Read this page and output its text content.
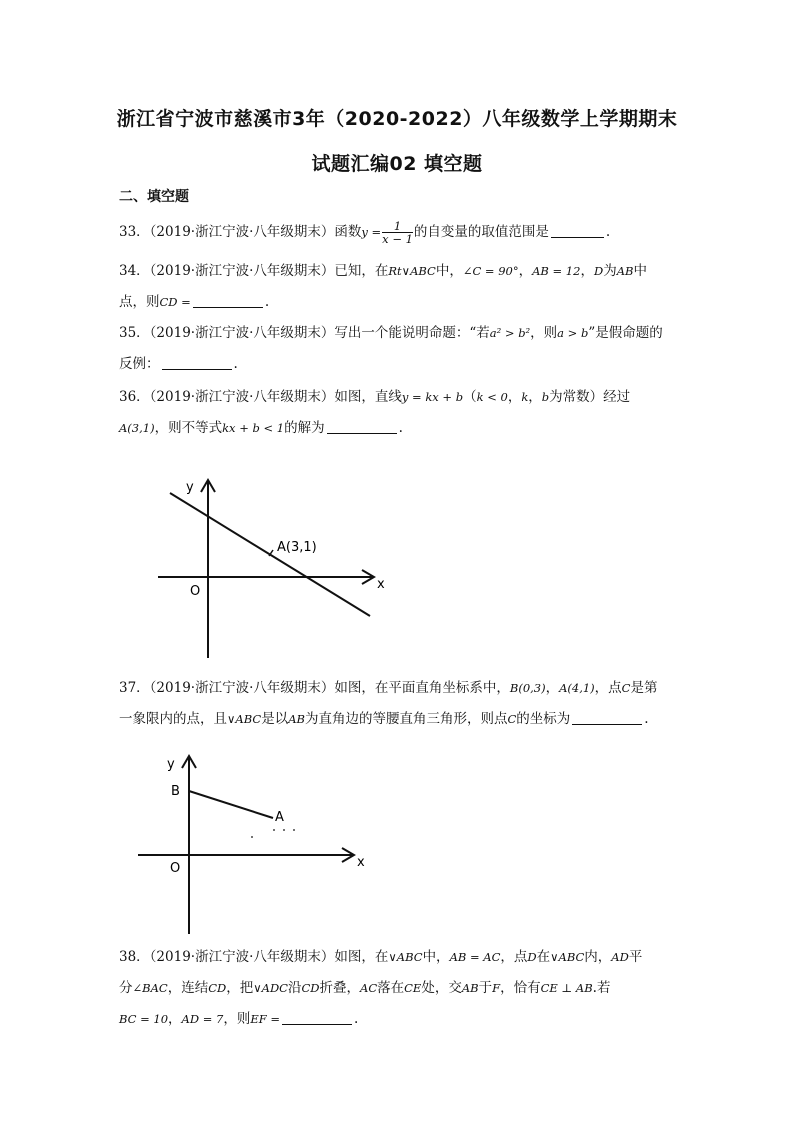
浙江省宁波市慈溪市3年（2020-2022）八年级数学上学期期末
试题汇编02 填空题
二、填空题
33．（2019·浙江宁波·八年级期末）函数$y = \frac{1}{x - 1}$ 的自变量的取值范围是	.
34．（2019·浙江宁波·八年级期末）已知，在Rt∨ABC中，∠C = 90°，AB = 12，D为AB中
点，则CD =	.
35．（2019·浙江宁波·八年级期末）写出一个能说明命题：“若a² > b²，则a > b”是假命题的
反例：	.
36．（2019·浙江宁波·八年级期末）如图，直线y = kx + b（k < 0，k，b为常数）经过
A(3,1)，则不等式kx + b < 1的解为	.
y
x
O
A(3,1)
37．（2019·浙江宁波·八年级期末）如图，在平面直角坐标系中，B(0,3)，A(4,1)，点C是第
一象限内的点，且∨ABC是以AB为直角边的等腰直角三角形，则点C的坐标为	.
y
x
O
B
A
38．（2019·浙江宁波·八年级期末）如图，在∨ABC中，AB = AC，点D在∨ABC内，AD平
分∠BAC，连结CD，把∨ADC沿CD折叠，AC落在CE处，交AB于F，恰有CE ⊥ AB.若
BC = 10，AD = 7，则EF =	.
